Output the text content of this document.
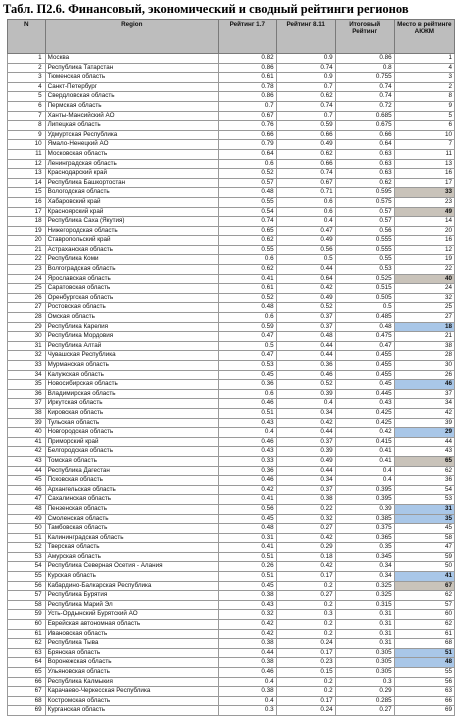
Табл. П2.6. Финансовый, экономический и сводный рейтинги регионов
N	Region	Рейтинг 1.7	Рейтинг 8.11	Итоговый Рейтинг	Место в рейтинге АКЖМ
1	Москва	0.82	0.9	0.86	1
2	Республика Татарстан	0.86	0.74	0.8	4
3	Тюменская область	0.61	0.9	0.755	3
4	Санкт-Петербург	0.78	0.7	0.74	2
5	Свердловская область	0.86	0.62	0.74	8
6	Пермская область	0.7	0.74	0.72	9
7	Ханты-Мансийский АО	0.67	0.7	0.685	5
8	Липецкая область	0.76	0.59	0.675	6
9	Удмуртская Республика	0.66	0.66	0.66	10
10	Ямало-Ненецкий АО	0.79	0.49	0.64	7
11	Московская область	0.64	0.62	0.63	11
12	Ленинградская область	0.6	0.66	0.63	13
13	Краснодарский край	0.52	0.74	0.63	16
14	Республика Башкортостан	0.57	0.67	0.62	17
15	Вологодская область	0.48	0.71	0.595	33
16	Хабаровский край	0.55	0.6	0.575	23
17	Красноярский край	0.54	0.6	0.57	49
18	Республика Саха (Якутия)	0.74	0.4	0.57	14
19	Нижегородская область	0.65	0.47	0.56	20
20	Ставропольский край	0.62	0.49	0.555	16
21	Астраханская область	0.55	0.56	0.555	12
22	Республика Коми	0.6	0.5	0.55	19
23	Волгоградская область	0.62	0.44	0.53	22
24	Ярославская область	0.41	0.64	0.525	40
25	Саратовская область	0.61	0.42	0.515	24
26	Оренбургская область	0.52	0.49	0.505	32
27	Ростовская область	0.48	0.52	0.5	25
28	Омская область	0.6	0.37	0.485	27
29	Республика Карелия	0.59	0.37	0.48	18
30	Республика Мордовия	0.47	0.48	0.475	21
31	Республика Алтай	0.5	0.44	0.47	38
32	Чувашская Республика	0.47	0.44	0.455	28
33	Мурманская область	0.53	0.36	0.455	30
34	Калужская область	0.45	0.46	0.455	26
35	Новосибирская область	0.36	0.52	0.45	46
36	Владимирская область	0.6	0.39	0.445	37
37	Иркутская область	0.46	0.4	0.43	34
38	Кировская область	0.51	0.34	0.425	42
39	Тульская область	0.43	0.42	0.425	39
40	Новгородская область	0.4	0.44	0.42	29
41	Приморский край	0.46	0.37	0.415	44
42	Белгородская область	0.43	0.39	0.41	43
43	Томская область	0.33	0.49	0.41	65
44	Республика Дагестан	0.36	0.44	0.4	62
45	Псковская область	0.46	0.34	0.4	36
46	Архангельская область	0.42	0.37	0.395	54
47	Сахалинская область	0.41	0.38	0.395	53
48	Пензенская область	0.56	0.22	0.39	31
49	Смоленская область	0.45	0.32	0.385	35
50	Тамбовская область	0.48	0.27	0.375	45
51	Калининградская область	0.31	0.42	0.365	58
52	Тверская область	0.41	0.29	0.35	47
53	Амурская область	0.51	0.18	0.345	59
54	Республика Северная Осетия - Алания	0.26	0.42	0.34	50
55	Курская область	0.51	0.17	0.34	41
56	Кабардино-Балкарская Республика	0.45	0.2	0.325	67
57	Республика Бурятия	0.38	0.27	0.325	62
58	Республика Марий Эл	0.43	0.2	0.315	57
59	Усть-Ордынский Бурятский АО	0.32	0.3	0.31	60
60	Еврейская автономная область	0.42	0.2	0.31	62
61	Ивановская область	0.42	0.2	0.31	61
62	Республика Тыва	0.38	0.24	0.31	68
63	Брянская область	0.44	0.17	0.305	51
64	Воронежская область	0.38	0.23	0.305	48
65	Ульяновская область	0.46	0.15	0.305	55
66	Республика Калмыкия	0.4	0.2	0.3	56
67	Карачаево-Черкесская Республика	0.38	0.2	0.29	63
68	Костромская область	0.4	0.17	0.285	66
69	Курганская область	0.3	0.24	0.27	69
